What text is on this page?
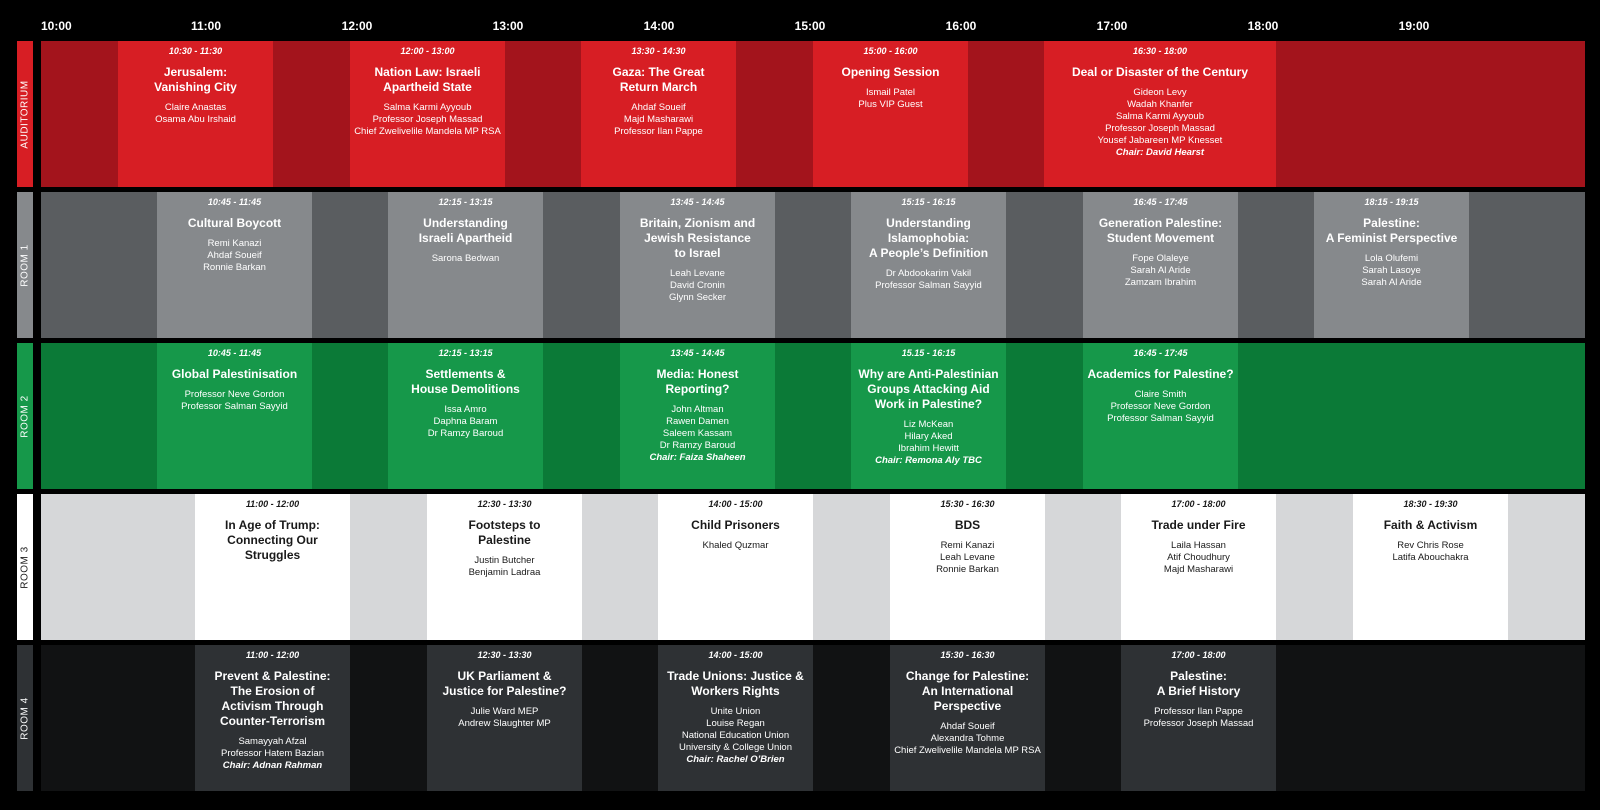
10:00	11:00	12:00	13:00	14:00	15:00	16:00	17:00	18:00	19:00
AUDITORIUM
10:30 - 11:30
Jerusalem:
Vanishing City
Claire Anastas
Osama Abu Irshaid
12:00 - 13:00
Nation Law: Israeli
Apartheid State
Salma Karmi Ayyoub
Professor Joseph Massad
Chief Zwelivelile Mandela MP RSA
13:30 - 14:30
Gaza: The Great
Return March
Ahdaf Soueif
Majd Masharawi
Professor Ilan Pappe
15:00 - 16:00
Opening Session
Ismail Patel
Plus VIP Guest
16:30 - 18:00
Deal or Disaster of the Century
Gideon Levy
Wadah Khanfer
Salma Karmi Ayyoub
Professor Joseph Massad
Yousef Jabareen MP Knesset
Chair: David Hearst
ROOM 1
10:45 - 11:45
Cultural Boycott
Remi Kanazi
Ahdaf Soueif
Ronnie Barkan
12:15 - 13:15
Understanding
Israeli Apartheid
Sarona Bedwan
13:45 - 14:45
Britain, Zionism and
Jewish Resistance
to Israel
Leah Levane
David Cronin
Glynn Secker
15:15 - 16:15
Understanding
Islamophobia:
A People’s Definition
Dr Abdookarim Vakil
Professor Salman Sayyid
16:45 - 17:45
Generation Palestine:
Student Movement
Fope Olaleye
Sarah Al Aride
Zamzam Ibrahim
18:15 - 19:15
Palestine:
A Feminist Perspective
Lola Olufemi
Sarah Lasoye
Sarah Al Aride
ROOM 2
10:45 - 11:45
Global Palestinisation
Professor Neve Gordon
Professor Salman Sayyid
12:15 - 13:15
Settlements &
House Demolitions
Issa Amro
Daphna Baram
Dr Ramzy Baroud
13:45 - 14:45
Media: Honest
Reporting?
John Altman
Rawen Damen
Saleem Kassam
Dr Ramzy Baroud
Chair: Faiza Shaheen
15.15 - 16:15
Why are Anti-Palestinian
Groups Attacking Aid
Work in Palestine?
Liz McKean
Hilary Aked
Ibrahim Hewitt
Chair: Remona Aly TBC
16:45 - 17:45
Academics for Palestine?
Claire Smith
Professor Neve Gordon
Professor Salman Sayyid
ROOM 3
11:00 - 12:00
In Age of Trump:
Connecting Our
Struggles
12:30 - 13:30
Footsteps to
Palestine
Justin Butcher
Benjamin Ladraa
14:00 - 15:00
Child Prisoners
Khaled Quzmar
15:30 - 16:30
BDS
Remi Kanazi
Leah Levane
Ronnie Barkan
17:00 - 18:00
Trade under Fire
Laila Hassan
Atif Choudhury
Majd Masharawi
18:30 - 19:30
Faith & Activism
Rev Chris Rose
Latifa Abouchakra
ROOM 4
11:00 - 12:00
Prevent & Palestine:
The Erosion of
Activism Through
Counter-Terrorism
Samayyah Afzal
Professor Hatem Bazian
Chair: Adnan Rahman
12:30 - 13:30
UK Parliament &
Justice for Palestine?
Julie Ward MEP
Andrew Slaughter MP
14:00 - 15:00
Trade Unions: Justice &
Workers Rights
Unite Union
Louise Regan
National Education Union
University & College Union
Chair: Rachel O’Brien
15:30 - 16:30
Change for Palestine:
An International
Perspective
Ahdaf Soueif
Alexandra Tohme
Chief Zwelivelile Mandela MP RSA
17:00 - 18:00
Palestine:
A Brief History
Professor Ilan Pappe
Professor Joseph Massad
